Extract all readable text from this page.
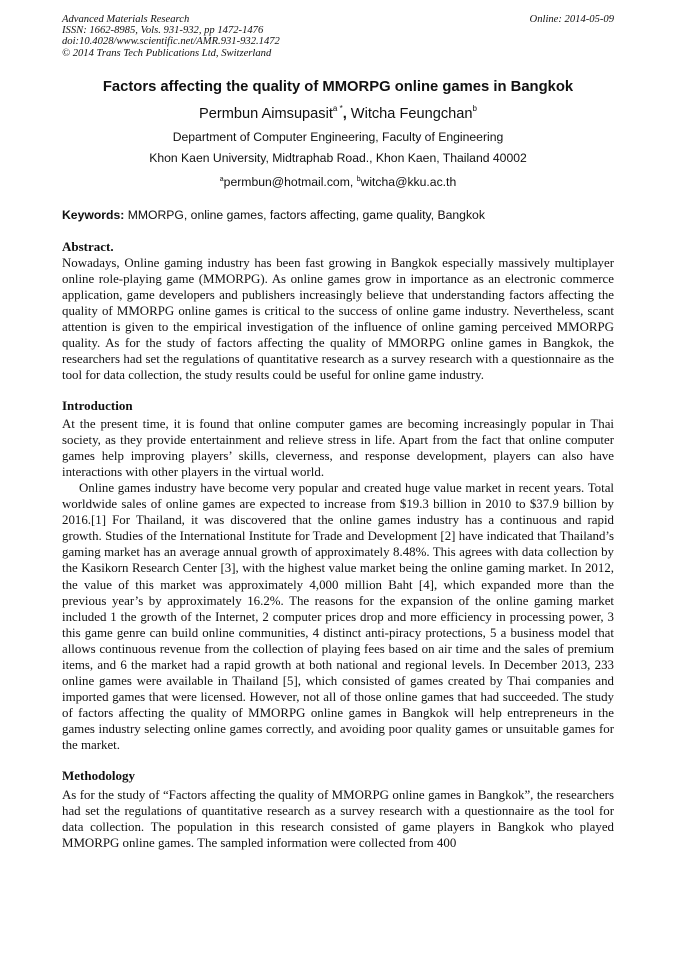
Advanced Materials Research
ISSN: 1662-8985, Vols. 931-932, pp 1472-1476
doi:10.4028/www.scientific.net/AMR.931-932.1472
© 2014 Trans Tech Publications Ltd, Switzerland
Online: 2014-05-09
Factors affecting the quality of MMORPG online games in Bangkok
Permbun Aimsupasit$^{a *}$, Witcha Feungchan$^b$
Department of Computer Engineering, Faculty of Engineering
Khon Kaen University, Midtraphab Road., Khon Kaen, Thailand 40002
$^a$permbun@hotmail.com, $^b$witcha@kku.ac.th
Keywords: MMORPG, online games, factors affecting, game quality, Bangkok
Abstract.

Nowadays, Online gaming industry has been fast growing in Bangkok especially massively multiplayer online role-playing game (MMORPG). As online games grow in importance as an electronic commerce application, game developers and publishers increasingly believe that understanding factors affecting the quality of MMORPG online games is critical to the success of online game industry. Nevertheless, scant attention is given to the empirical investigation of the influence of online gaming perceived MMORPG quality. As for the study of factors affecting the quality of MMORPG online games in Bangkok, the researchers had set the regulations of quantitative research as a survey research with a questionnaire as the tool for data collection, the study results could be useful for online game industry.

Introduction

At the present time, it is found that online computer games are becoming increasingly popular in Thai society, as they provide entertainment and relieve stress in life. Apart from the fact that online computer games help improving players’ skills, cleverness, and response development, players can also have interactions with other players in the virtual world.

Online games industry have become very popular and created huge value market in recent years. Total worldwide sales of online games are expected to increase from $19.3 billion in 2010 to $37.9 billion by 2016.[1] For Thailand, it was discovered that the online games industry has a continuous and rapid growth. Studies of the International Institute for Trade and Development [2] have indicated that Thailand’s gaming market has an average annual growth of approximately 8.48%. This agrees with data collection by the Kasikorn Research Center [3], with the highest value market being the online gaming market. In 2012, the value of this market was approximately 4,000 million Baht [4], which expanded more than the previous year’s by approximately 16.2%. The reasons for the expansion of the online gaming market included 1 the growth of the Internet, 2 computer prices drop and more efficiency in processing power, 3 this game genre can build online communities, 4 distinct anti-piracy protections, 5 a business model that allows continuous revenue from the collection of playing fees based on air time and the sales of premium items, and 6 the market had a rapid growth at both national and regional levels. In December 2013, 233 online games were available in Thailand [5], which consisted of games created by Thai companies and imported games that were licensed. However, not all of those online games that had succeeded. The study of factors affecting the quality of MMORPG online games in Bangkok will help entrepreneurs in the games industry selecting online games correctly, and avoiding poor quality games or unsuitable games for the market.

Methodology

As for the study of “Factors affecting the quality of MMORPG online games in Bangkok”, the researchers had set the regulations of quantitative research as a survey research with a questionnaire as the tool for data collection. The population in this research consisted of game players in Bangkok who played MMORPG online games. The sampled information were collected from 400
